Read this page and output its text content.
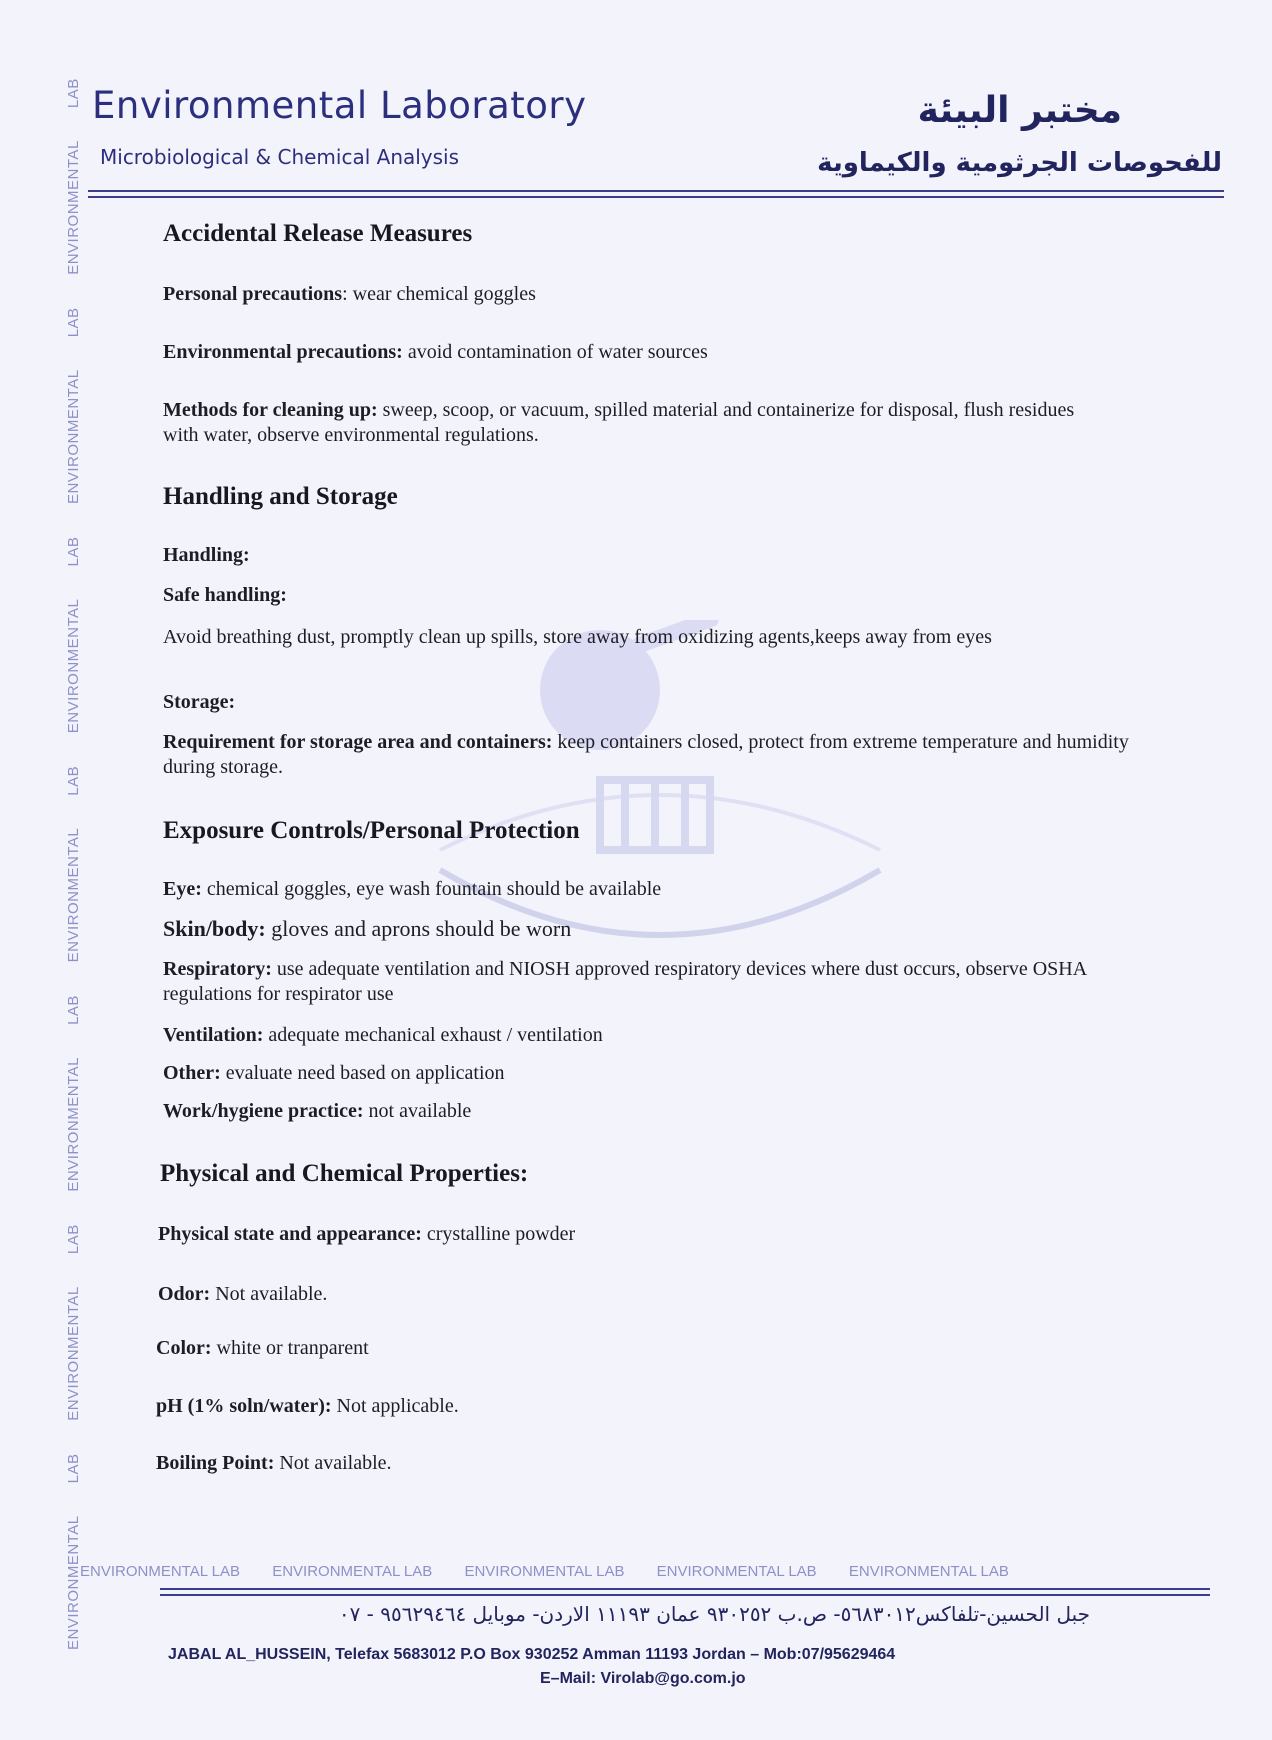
ENVIRONMENTAL LAB ENVIRONMENTAL LAB ENVIRONMENTAL LAB ENVIRONMENTAL LAB ENVIRONMENTAL LAB ENVIRONMENTAL LAB ENVIRONMENTAL LAB Environmental Laboratory
Microbiological & Chemical Analysis
مختبر البيئة
للفحوصات الجرثومية والكيماوية
Accidental Release Measures

Personal precautions: wear chemical goggles

Environmental precautions: avoid contamination of water sources

Methods for cleaning up: sweep, scoop, or vacuum, spilled material and containerize for disposal, flush residues with water, observe environmental regulations.

Handling and Storage

Handling:

Safe handling:

Avoid breathing dust, promptly clean up spills, store away from oxidizing agents,keeps away from eyes

Storage:

Requirement for storage area and containers: keep containers closed, protect from extreme temperature and humidity during storage.

Exposure Controls/Personal Protection

Eye: chemical goggles, eye wash fountain should be available

Skin/body: gloves and aprons should be worn

Respiratory: use adequate ventilation and NIOSH approved respiratory devices where dust occurs, observe OSHA regulations for respirator use

Ventilation: adequate mechanical exhaust / ventilation

Other: evaluate need based on application

Work/hygiene practice: not available

Physical and Chemical Properties:

Physical state and appearance: crystalline powder

Odor: Not available.

Color: white or tranparent

pH (1% soln/water): Not applicable.

Boiling Point: Not available.

ENVIRONMENTAL LAB ENVIRONMENTAL LAB ENVIRONMENTAL LAB ENVIRONMENTAL LAB ENVIRONMENTAL LAB
جبل الحسين-تلفاكس٥٦٨٣٠١٢- ص.ب ٩٣٠٢٥٢ عمان ١١١٩٣ الاردن- موبايل ٩٥٦٢٩٤٦٤ - ٠٧
JABAL AL_HUSSEIN, Telefax 5683012 P.O Box 930252 Amman 11193 Jordan – Mob:07/95629464
E–Mail: Virolab@go.com.jo
